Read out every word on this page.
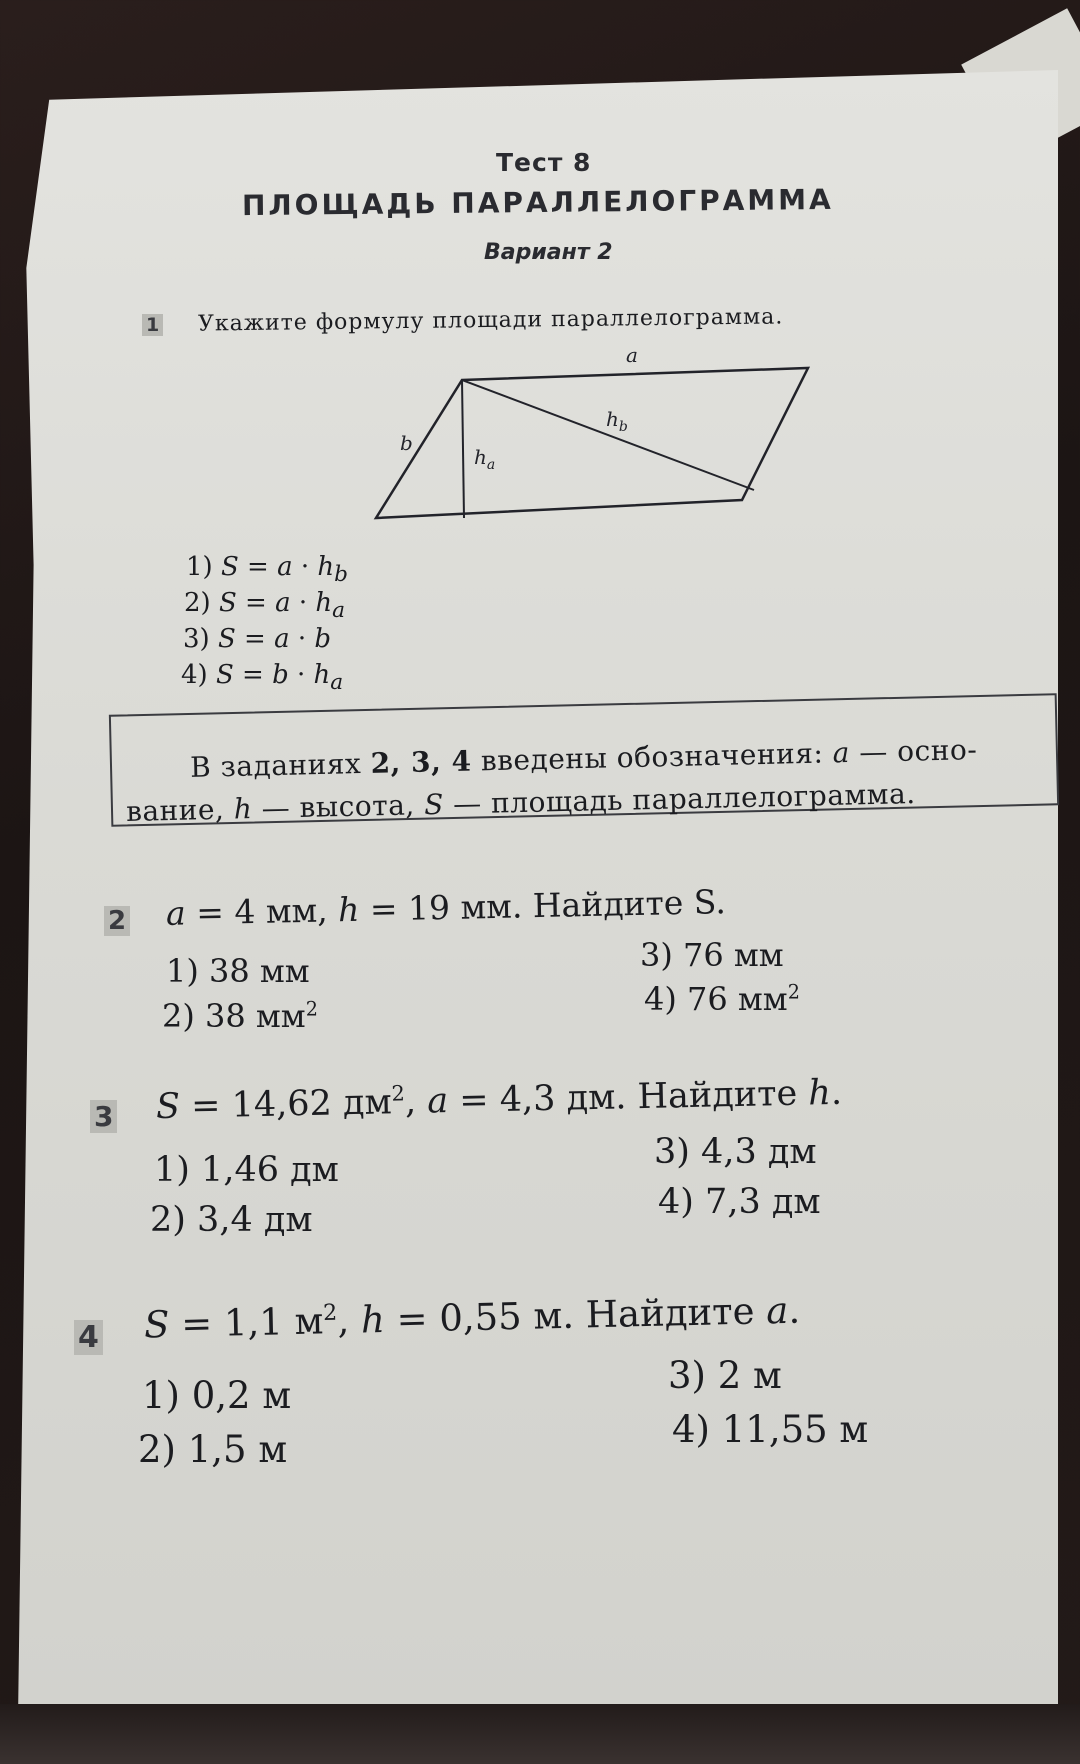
Тест 8
ПЛОЩАДЬ ПАРАЛЛЕЛОГРАММА
Вариант 2
1 Укажите формулу площади параллелограмма.
a
b
$h_a$
$h_b$
1) $S = a \cdot h_b$
2) $S = a \cdot h_a$
3) S = a · b
4) $S = b \cdot h_a$
В заданиях 2, 3, 4 введены обозначения: a — осно-
вание, h — высота, S — площадь параллелограмма.
2 a = 4 мм, h = 19 мм. Найдите S.
1) 38 мм
2) 38 $мм^2$
3) 76 мм
4) 76 $мм^2$
3 S = 14,62 $дм^2$, a = 4,3 дм. Найдите h.
1) 1,46 дм
2) 3,4 дм
3) 4,3 дм
4) 7,3 дм
4 S = 1,1 $м^2$, h = 0,55 м. Найдите a.
1) 0,2 м
2) 1,5 м
3) 2 м
4) 11,55 м
